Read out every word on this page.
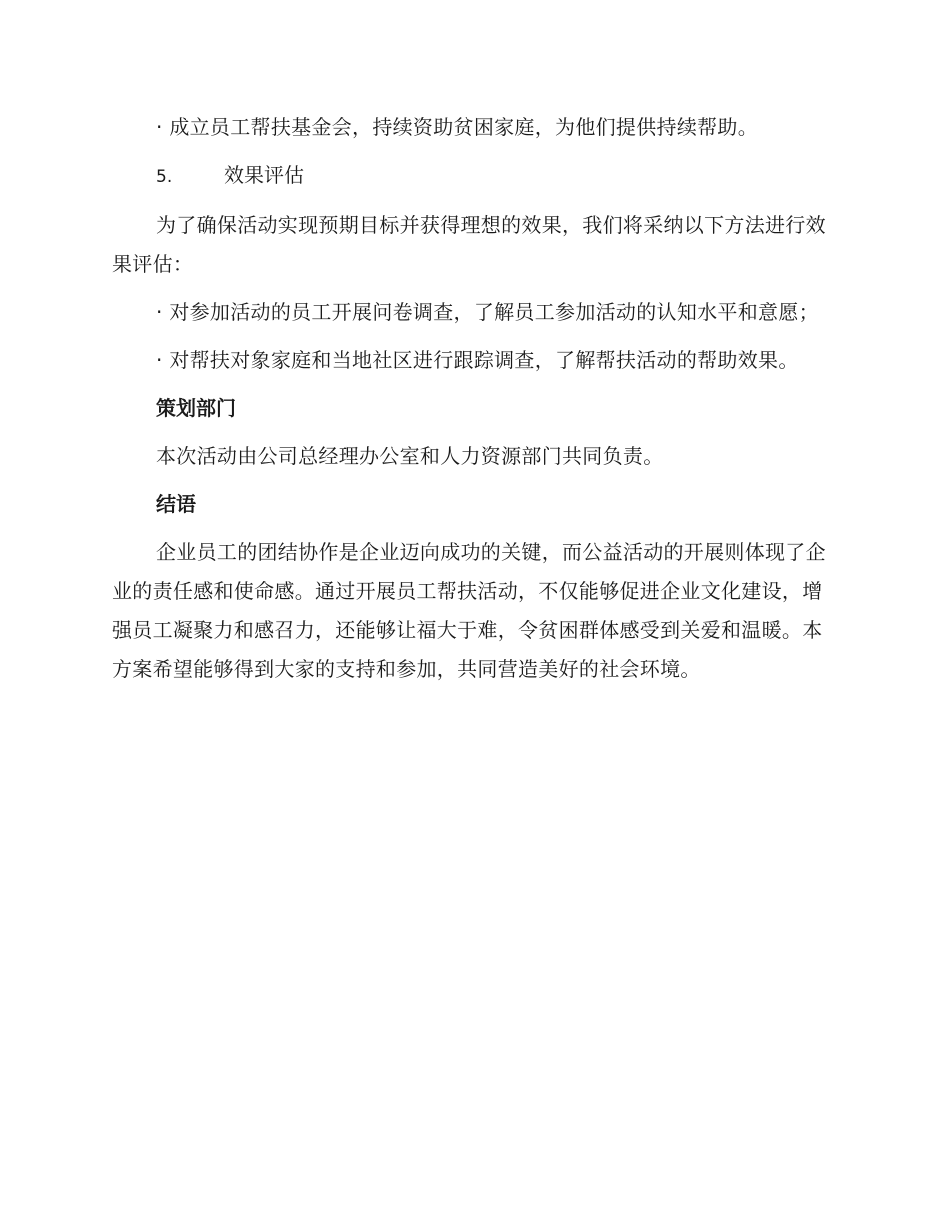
· 成立员工帮扶基金会，持续资助贫困家庭，为他们提供持续帮助。

5.	效果评估

为了确保活动实现预期目标并获得理想的效果，我们将采纳以下方法进行效果评估：

· 对参加活动的员工开展问卷调查，了解员工参加活动的认知水平和意愿；

· 对帮扶对象家庭和当地社区进行跟踪调查，了解帮扶活动的帮助效果。

策划部门

本次活动由公司总经理办公室和人力资源部门共同负责。

结语

企业员工的团结协作是企业迈向成功的关键，而公益活动的开展则体现了企业的责任感和使命感。通过开展员工帮扶活动，不仅能够促进企业文化建设，增强员工凝聚力和感召力，还能够让福大于难，令贫困群体感受到关爱和温暖。本方案希望能够得到大家的支持和参加，共同营造美好的社会环境。
